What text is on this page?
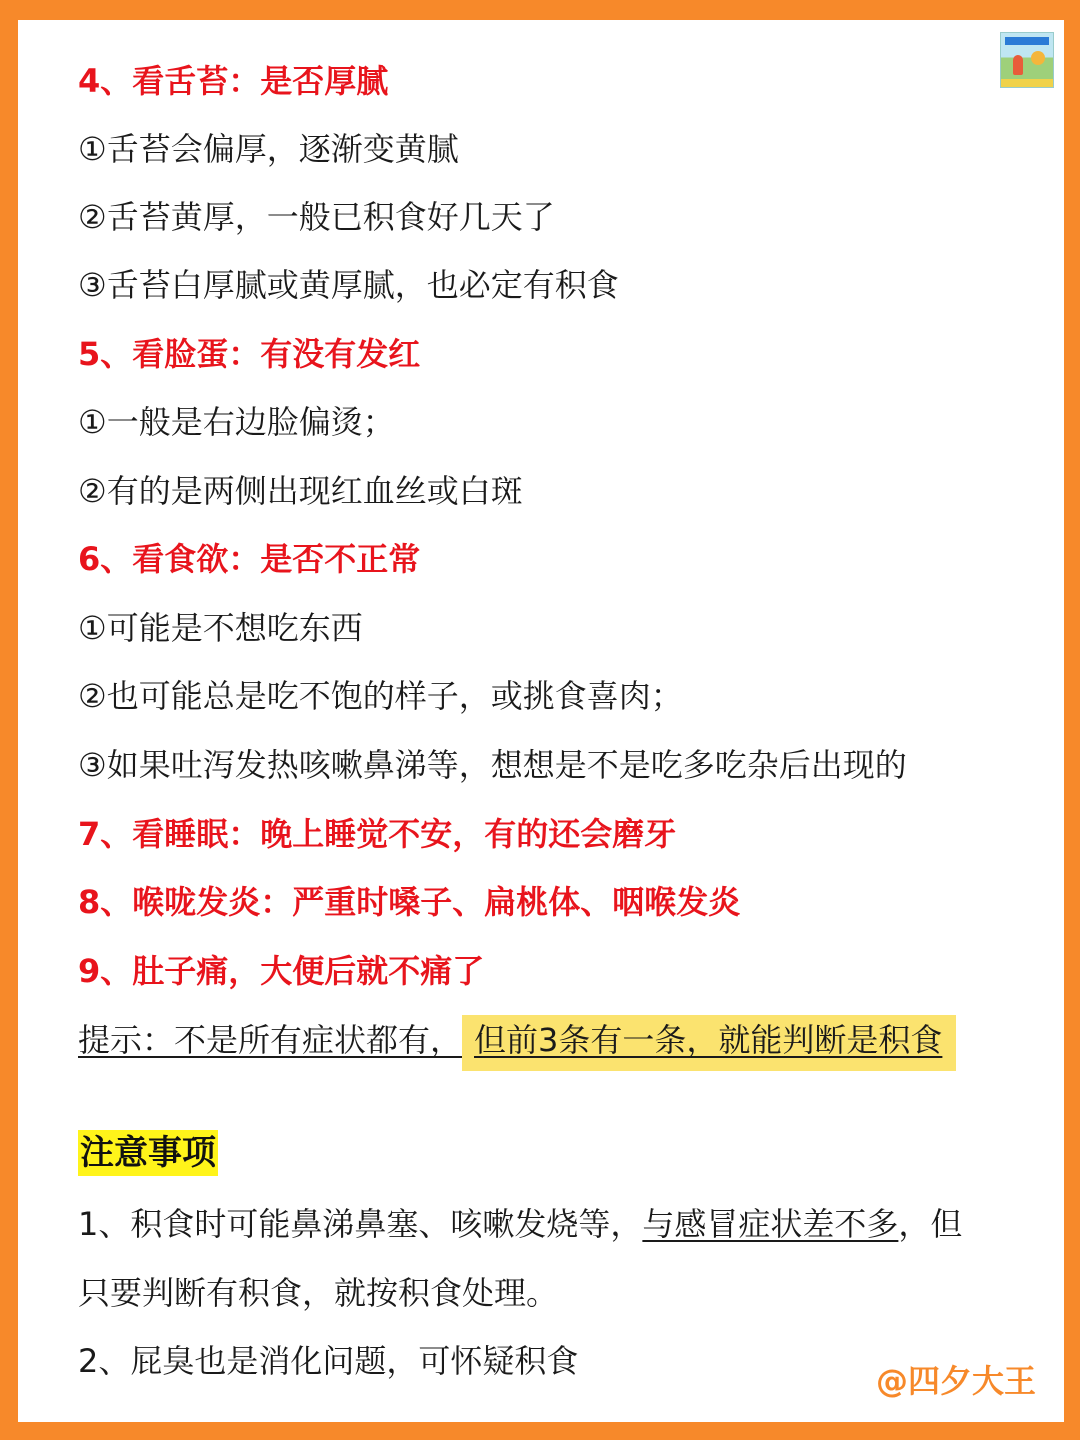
4、看舌苔：是否厚腻
①舌苔会偏厚，逐渐变黄腻
②舌苔黄厚，一般已积食好几天了
③舌苔白厚腻或黄厚腻，也必定有积食
5、看脸蛋：有没有发红
①一般是右边脸偏烫；
②有的是两侧出现红血丝或白斑
6、看食欲：是否不正常
①可能是不想吃东西
②也可能总是吃不饱的样子，或挑食喜肉；
③如果吐泻发热咳嗽鼻涕等，想想是不是吃多吃杂后出现的
7、看睡眠：晚上睡觉不安，有的还会磨牙
8、喉咙发炎：严重时嗓子、扁桃体、咽喉发炎
9、肚子痛，大便后就不痛了
提示：不是所有症状都有， 但前3条有一条，就能判断是积食
注意事项
1、积食时可能鼻涕鼻塞、咳嗽发烧等，与感冒症状差不多，但
只要判断有积食，就按积食处理。
2、屁臭也是消化问题，可怀疑积食
@四夕大王
